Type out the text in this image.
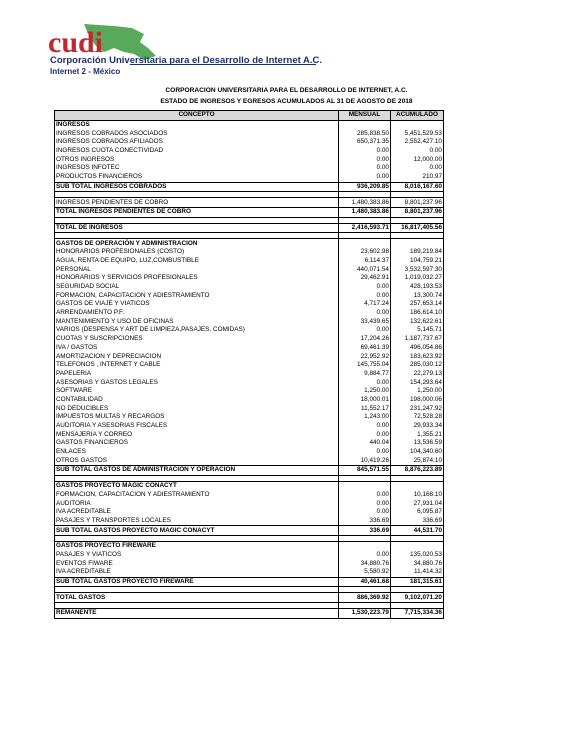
cudi
Corporación Universitaria para el Desarrollo de Internet A.C.
Internet 2 - México
CORPORACION UNIVERSITARIA PARA EL DESARROLLO DE INTERNET, A.C.
ESTADO DE INGRESOS Y EGRESOS ACUMULADOS AL 31 DE AGOSTO DE 2018
CONCEPTO	MENSUAL	ACUMULADO
INGRESOS		
INGRESOS COBRADOS ASOCIADOS	285,838.50	5,451,529.53
INGRESOS COBRADOS AFILIADOS	650,371.35	2,552,427.10
INGRESOS CUOTA CONECTIVIDAD	0.00	0.00
OTROS INGRESOS	0.00	12,000.00
INGRESOS INFOTEC	0.00	0.00
PRODUCTOS FINANCIEROS	0.00	210.97
SUB TOTAL INGRESOS COBRADOS	936,209.85	8,016,167.60

INGRESOS PENDIENTES DE COBRO	1,480,383.86	8,801,237.96
TOTAL INGRESOS PENDIENTES DE COBRO	1,480,383.86	8,801,237.96

TOTAL DE INGRESOS	2,416,593.71	16,817,405.56

GASTOS DE OPERACIÓN Y ADMINISTRACION		
HONORARIOS PROFESIONALES (COSTO)	23,602.98	189,219.84
AGUA, RENTA DE EQUIPO, LUZ,COMBUSTIBLE	6,114.37	104,759.21
PERSONAL	440,071.54	3,532,597.30
HONORARIOS Y SERVICIOS PROFESIONALES	29,462.91	1,019,032.27
SEGURIDAD SOCIAL	0.00	428,193.53
FORMACION, CAPACITACION Y ADIESTRAMIENTO	0.00	13,300.74
GASTOS DE VIAJE Y VIATICOS	4,717.24	257,653.14
ARRENDAMIENTO P.F.	0.00	186,614.10
MANTENIMIENTO Y USO DE OFICINAS	33,439.65	132,622.61
VARIOS (DESPENSA Y ART DE LIMPIEZA,PASAJES, COMIDAS)	0.00	5,145.71
CUOTAS Y SUSCRIPCIONES	17,204.26	1,187,737.67
IVA / GASTOS	69,461.39	496,054.86
AMORTIZACION Y DEPRECIACION	22,952.92	183,623.92
TELEFONOS , INTERNET Y CABLE	145,755.04	285,030.12
PAPELERIA	9,884.77	22,279.13
ASESORIAS Y GASTOS LEGALES	0.00	154,293.64
SOFTWARE	1,250.00	1,250.00
CONTABILIDAD	18,000.01	198,000.06
NO DEDUCIBLES	11,552.17	231,247.92
IMPUESTOS MULTAS Y RECARGOS	1,243.00	72,528.28
AUDITORIA Y ASESORIAS FISCALES	0.00	29,933.34
MENSAJERIA Y CORREO	0.00	1,355.21
GASTOS FINANCIEROS	440.04	13,536.59
ENLACES	0.00	104,340.60
OTROS GASTOS	10,419.26	25,874.10
SUB TOTAL GASTOS DE ADMINISTRACION Y OPERACIÓN	845,571.55	8,876,223.89

GASTOS PROYECTO MAGIC CONACYT		
FORMACION, CAPACITACION Y ADIESTRAMIENTO	0.00	10,168.10
AUDITORIA	0.00	27,931.04
IVA ACREDITABLE	0.00	6,095.87
PASAJES Y TRANSPORTES LOCALES	336.69	336.69
SUB TOTAL GASTOS PROYECTO MAGIC CONACYT	336.69	44,531.70

GASTOS PROYECTO FIREWARE		
PASAJES Y VIATICOS	0.00	135,020.53
EVENTOS FIWARE	34,880.76	34,880.76
IVA ACREDITABLE	5,580.92	11,414.32
SUB TOTAL GASTOS PROYECTO FIREWARE	40,461.68	181,315.61

TOTAL GASTOS	886,369.92	9,102,071.20

REMANENTE	1,530,223.79	7,715,334.36
